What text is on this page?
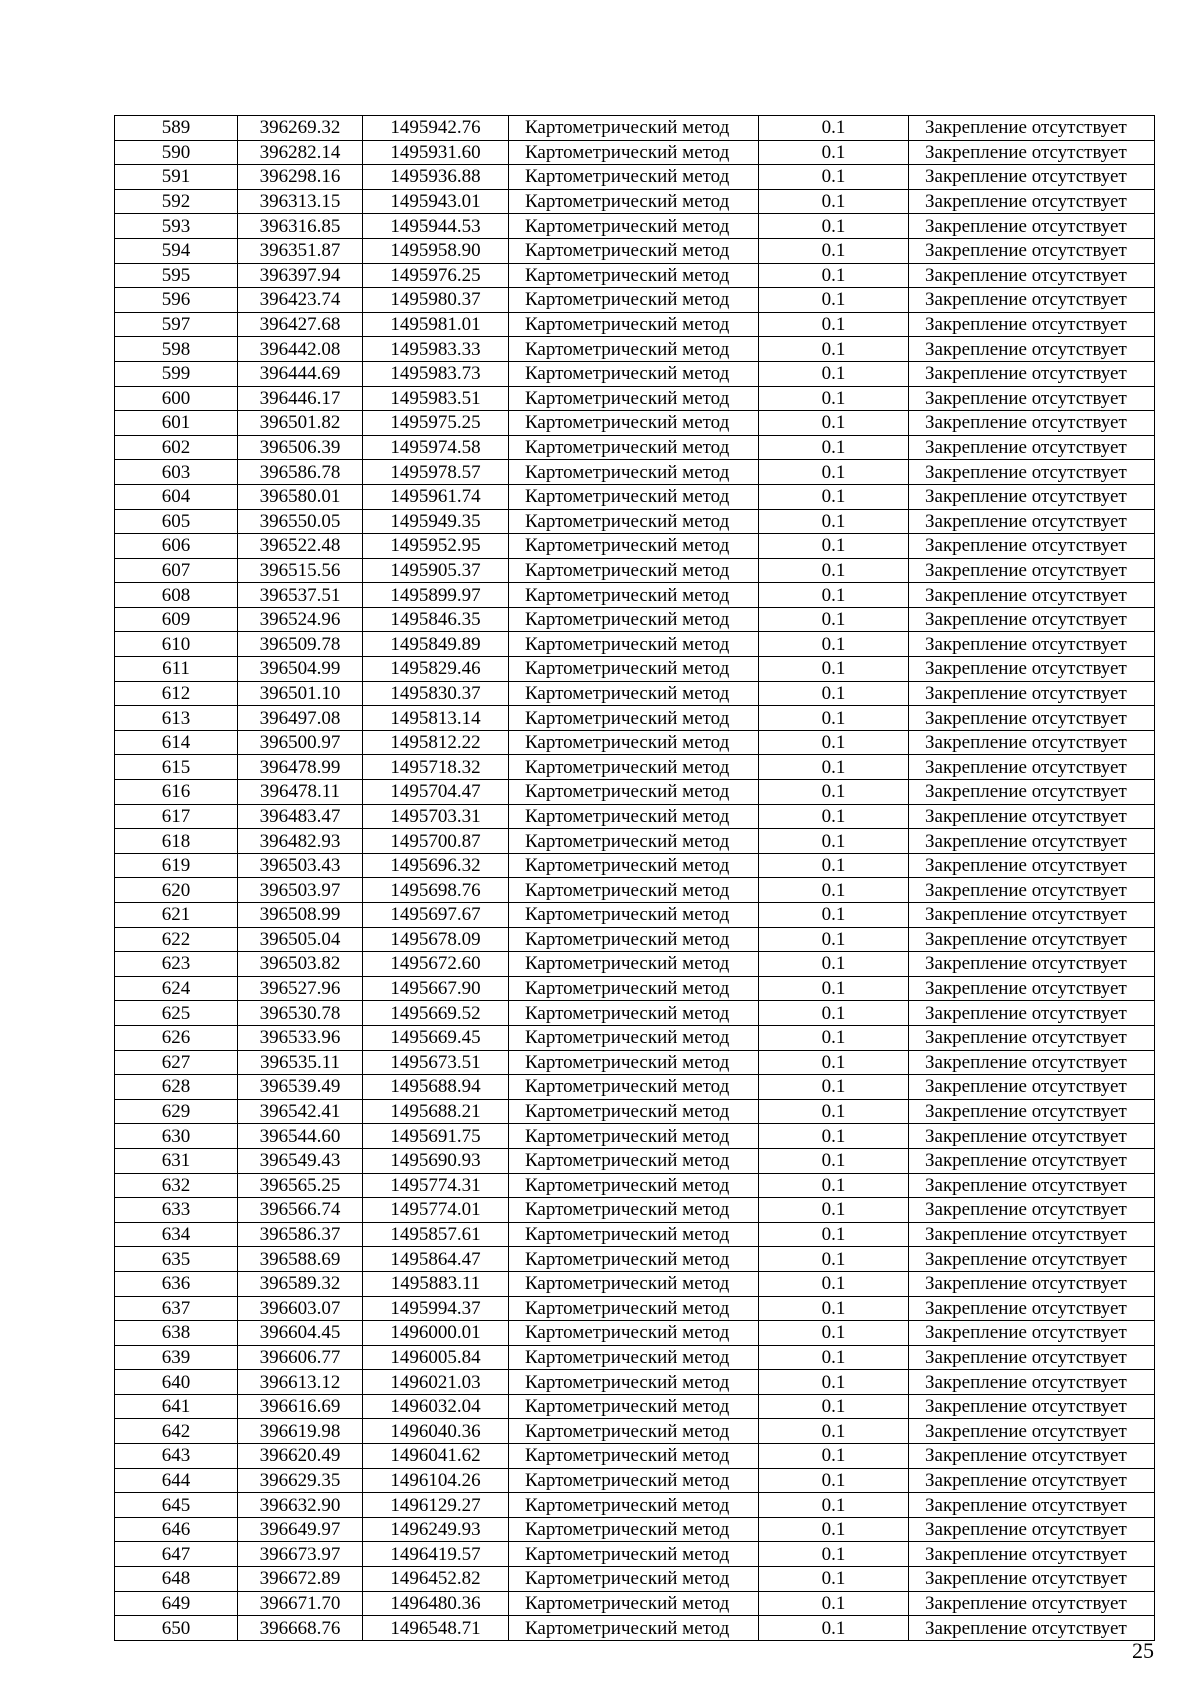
589	396269.32	1495942.76	Картометрический метод	0.1	Закрепление отсутствует
590	396282.14	1495931.60	Картометрический метод	0.1	Закрепление отсутствует
591	396298.16	1495936.88	Картометрический метод	0.1	Закрепление отсутствует
592	396313.15	1495943.01	Картометрический метод	0.1	Закрепление отсутствует
593	396316.85	1495944.53	Картометрический метод	0.1	Закрепление отсутствует
594	396351.87	1495958.90	Картометрический метод	0.1	Закрепление отсутствует
595	396397.94	1495976.25	Картометрический метод	0.1	Закрепление отсутствует
596	396423.74	1495980.37	Картометрический метод	0.1	Закрепление отсутствует
597	396427.68	1495981.01	Картометрический метод	0.1	Закрепление отсутствует
598	396442.08	1495983.33	Картометрический метод	0.1	Закрепление отсутствует
599	396444.69	1495983.73	Картометрический метод	0.1	Закрепление отсутствует
600	396446.17	1495983.51	Картометрический метод	0.1	Закрепление отсутствует
601	396501.82	1495975.25	Картометрический метод	0.1	Закрепление отсутствует
602	396506.39	1495974.58	Картометрический метод	0.1	Закрепление отсутствует
603	396586.78	1495978.57	Картометрический метод	0.1	Закрепление отсутствует
604	396580.01	1495961.74	Картометрический метод	0.1	Закрепление отсутствует
605	396550.05	1495949.35	Картометрический метод	0.1	Закрепление отсутствует
606	396522.48	1495952.95	Картометрический метод	0.1	Закрепление отсутствует
607	396515.56	1495905.37	Картометрический метод	0.1	Закрепление отсутствует
608	396537.51	1495899.97	Картометрический метод	0.1	Закрепление отсутствует
609	396524.96	1495846.35	Картометрический метод	0.1	Закрепление отсутствует
610	396509.78	1495849.89	Картометрический метод	0.1	Закрепление отсутствует
611	396504.99	1495829.46	Картометрический метод	0.1	Закрепление отсутствует
612	396501.10	1495830.37	Картометрический метод	0.1	Закрепление отсутствует
613	396497.08	1495813.14	Картометрический метод	0.1	Закрепление отсутствует
614	396500.97	1495812.22	Картометрический метод	0.1	Закрепление отсутствует
615	396478.99	1495718.32	Картометрический метод	0.1	Закрепление отсутствует
616	396478.11	1495704.47	Картометрический метод	0.1	Закрепление отсутствует
617	396483.47	1495703.31	Картометрический метод	0.1	Закрепление отсутствует
618	396482.93	1495700.87	Картометрический метод	0.1	Закрепление отсутствует
619	396503.43	1495696.32	Картометрический метод	0.1	Закрепление отсутствует
620	396503.97	1495698.76	Картометрический метод	0.1	Закрепление отсутствует
621	396508.99	1495697.67	Картометрический метод	0.1	Закрепление отсутствует
622	396505.04	1495678.09	Картометрический метод	0.1	Закрепление отсутствует
623	396503.82	1495672.60	Картометрический метод	0.1	Закрепление отсутствует
624	396527.96	1495667.90	Картометрический метод	0.1	Закрепление отсутствует
625	396530.78	1495669.52	Картометрический метод	0.1	Закрепление отсутствует
626	396533.96	1495669.45	Картометрический метод	0.1	Закрепление отсутствует
627	396535.11	1495673.51	Картометрический метод	0.1	Закрепление отсутствует
628	396539.49	1495688.94	Картометрический метод	0.1	Закрепление отсутствует
629	396542.41	1495688.21	Картометрический метод	0.1	Закрепление отсутствует
630	396544.60	1495691.75	Картометрический метод	0.1	Закрепление отсутствует
631	396549.43	1495690.93	Картометрический метод	0.1	Закрепление отсутствует
632	396565.25	1495774.31	Картометрический метод	0.1	Закрепление отсутствует
633	396566.74	1495774.01	Картометрический метод	0.1	Закрепление отсутствует
634	396586.37	1495857.61	Картометрический метод	0.1	Закрепление отсутствует
635	396588.69	1495864.47	Картометрический метод	0.1	Закрепление отсутствует
636	396589.32	1495883.11	Картометрический метод	0.1	Закрепление отсутствует
637	396603.07	1495994.37	Картометрический метод	0.1	Закрепление отсутствует
638	396604.45	1496000.01	Картометрический метод	0.1	Закрепление отсутствует
639	396606.77	1496005.84	Картометрический метод	0.1	Закрепление отсутствует
640	396613.12	1496021.03	Картометрический метод	0.1	Закрепление отсутствует
641	396616.69	1496032.04	Картометрический метод	0.1	Закрепление отсутствует
642	396619.98	1496040.36	Картометрический метод	0.1	Закрепление отсутствует
643	396620.49	1496041.62	Картометрический метод	0.1	Закрепление отсутствует
644	396629.35	1496104.26	Картометрический метод	0.1	Закрепление отсутствует
645	396632.90	1496129.27	Картометрический метод	0.1	Закрепление отсутствует
646	396649.97	1496249.93	Картометрический метод	0.1	Закрепление отсутствует
647	396673.97	1496419.57	Картометрический метод	0.1	Закрепление отсутствует
648	396672.89	1496452.82	Картометрический метод	0.1	Закрепление отсутствует
649	396671.70	1496480.36	Картометрический метод	0.1	Закрепление отсутствует
650	396668.76	1496548.71	Картометрический метод	0.1	Закрепление отсутствует
25
